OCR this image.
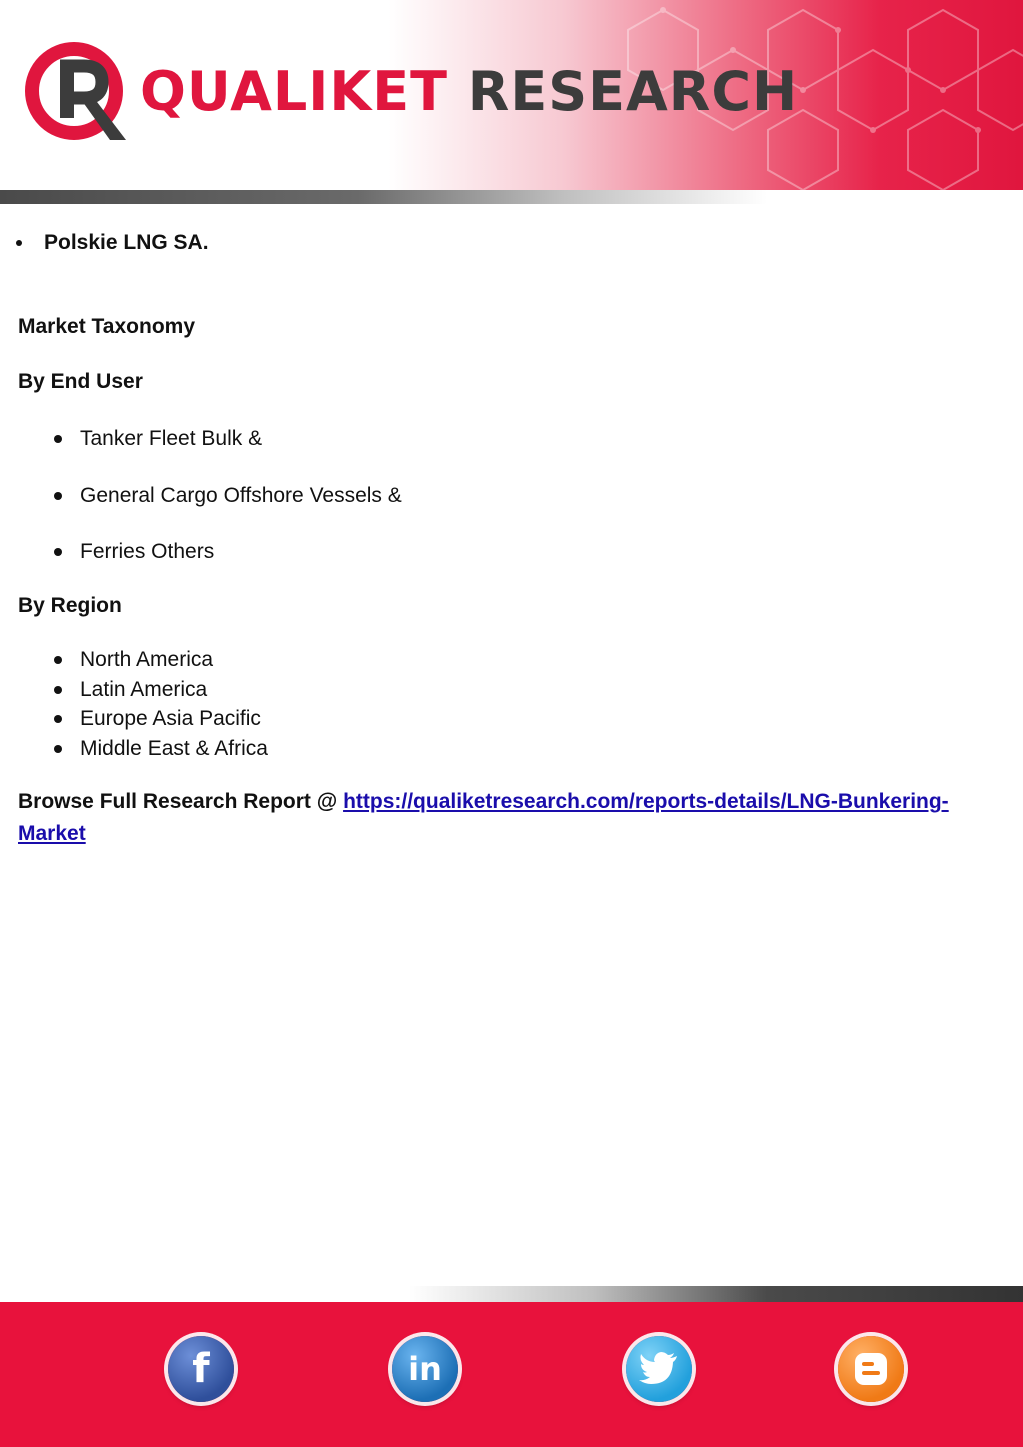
QUALIKET RESEARCH
Polskie LNG SA.
Market Taxonomy
By End User
Tanker Fleet Bulk &
General Cargo Offshore Vessels &
Ferries Others
By Region
North America
Latin America
Europe Asia Pacific
Middle East & Africa
Browse Full Research Report @ https://qualiketresearch.com/reports-details/LNG-Bunkering-
Market
f	in
